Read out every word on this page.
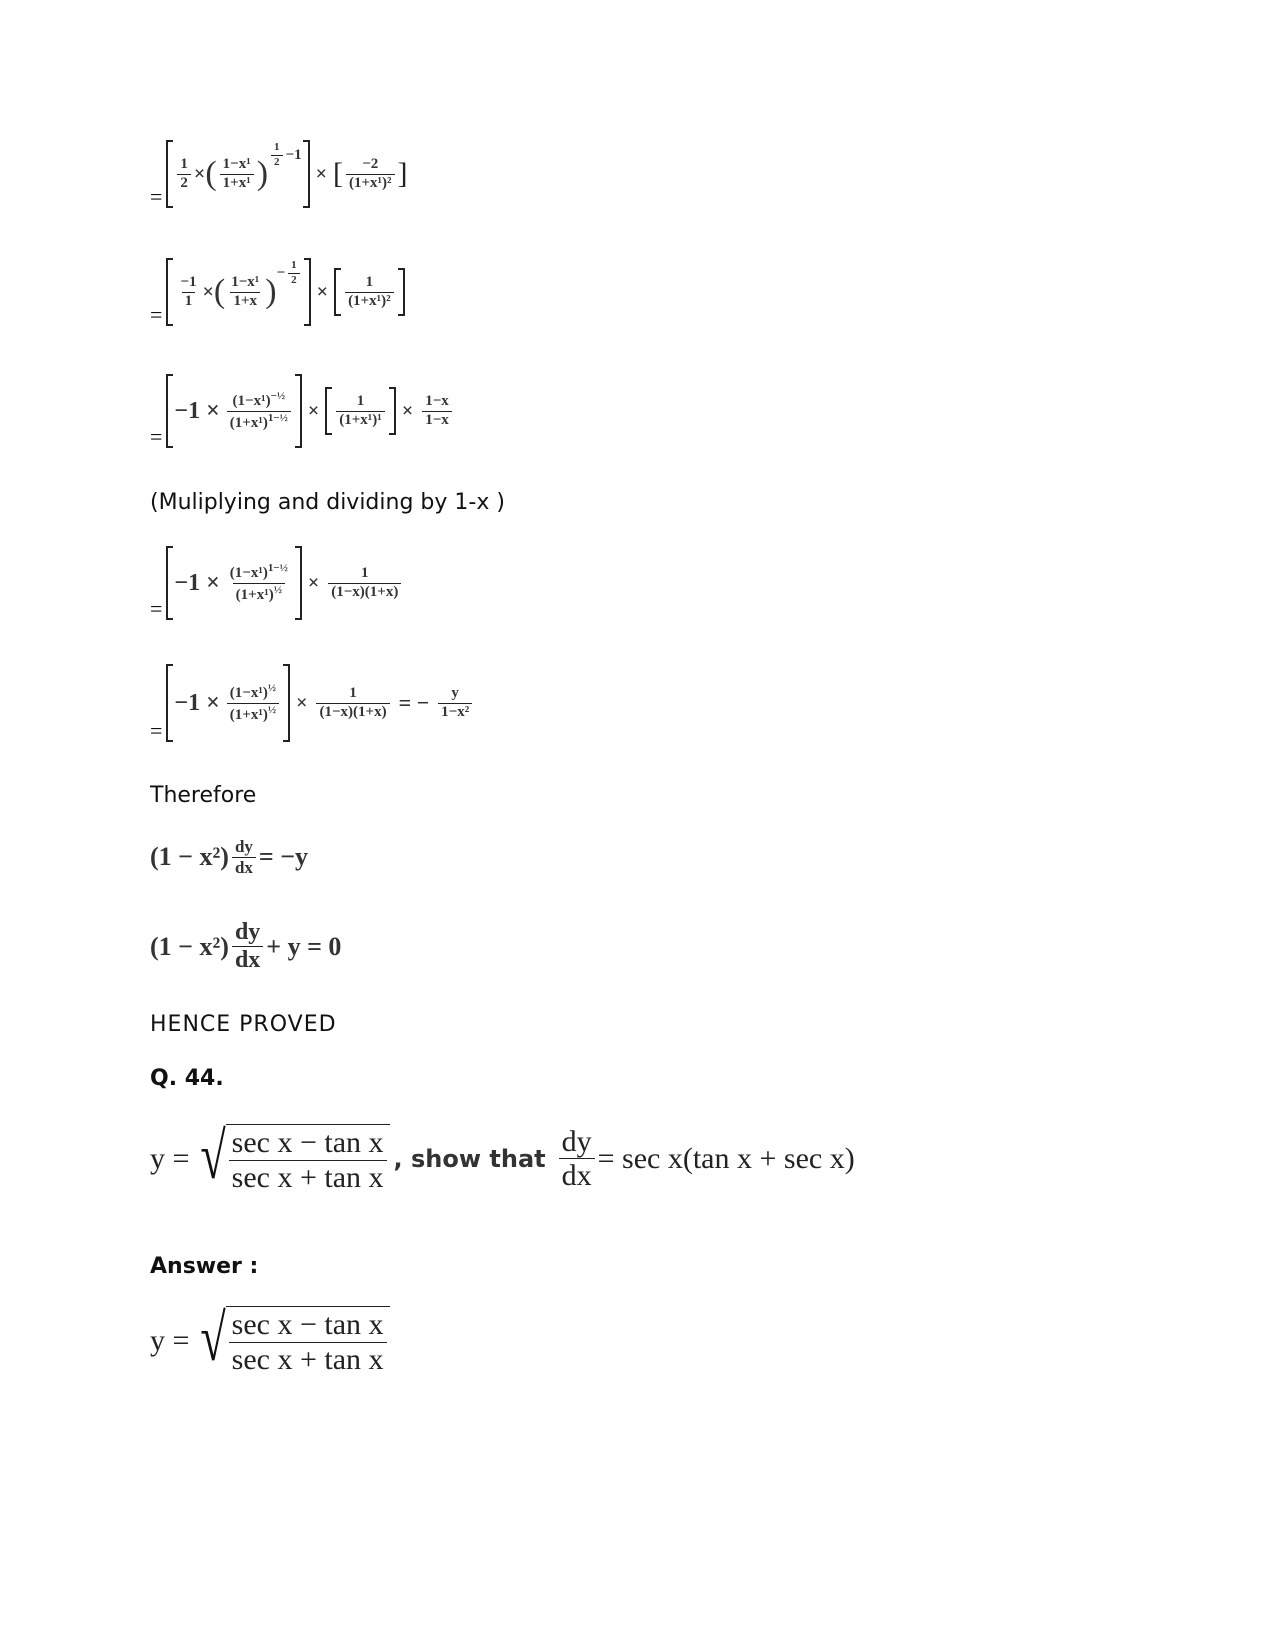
=
$\frac{1}{2}$ × ( $\frac{\text{1−x¹}}{\text{1+x¹}}$ ) $\frac{1}{2} -1$
× [ $\frac{-2}{\text{(1+x¹)²}}$ ]
=
$\frac{-1}{1}$ × ( $\frac{\text{1−x¹}}{1+x}$ )
− $\frac{1}{2}$
× $\frac{1}{\text{(1+x¹)²}}$
=
$-1 \times \frac{(1-x^1)^{-\frac{1}{2}}}{(1+x^1)^{1-\frac{1}{2}}} \times \frac{1}{\text{(1+x¹)¹}} \times \frac{1-x}{1-x}$
(Muliplying and dividing by 1-x )
=
$-1 \times \frac{(1-x^1)^{1-\frac{1}{2}}}{(1+x^1)^{\frac{1}{2}}} \times \frac{1}{(1-x)(1+x)}$
=
$-1 \times \frac{(1-x^1)^{\frac{1}{2}}}{(1+x^1)^{\frac{1}{2}}} \times \frac{1}{(1-x)(1+x)}$ = − $\frac{y}{\text{1−x²}}$
Therefore
$(1 - x^2) \frac{dy}{dx} = -y$
$(1 - x^2) \frac{dy}{dx} + y = 0$
HENCE PROVED
Q. 44.
y = √ $\frac{\text{sec x − tan x}}{\text{sec x + tan x}}$ , show that $\frac{dy}{dx} = \sec x(\tan$ x + sec x)
Answer :
y = √ $\frac{\text{sec x − tan x}}{\text{sec x + tan x}}$
